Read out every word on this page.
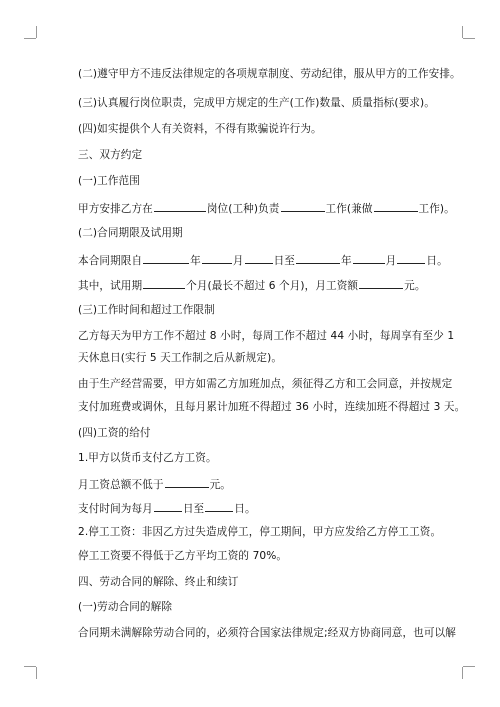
(二)遵守甲方不违反法律规定的各项规章制度、劳动纪律，服从甲方的工作安排。
(三)认真履行岗位职责，完成甲方规定的生产(工作)数量、质量指标(要求)。
(四)如实提供个人有关资料，不得有欺骗说许行为。
三、双方约定
(一)工作范围
甲方安排乙方在	岗位(工种)负责	工作(兼做	工作)。
(二)合同期限及试用期
本合同期限自	年	月	日至	年	月	日。
其中，试用期	个月(最长不超过 6 个月)，月工资额	元。
(三)工作时间和超过工作限制
乙方每天为甲方工作不超过 8 小时，每周工作不超过 44 小时，每周享有至少 1
天休息日(实行 5 天工作制之后从新规定)。
由于生产经营需要，甲方如需乙方加班加点，须征得乙方和工会同意，并按规定
支付加班费或调休，且每月累计加班不得超过 36 小时，连续加班不得超过 3 天。
(四)工资的给付
1.甲方以货币支付乙方工资。
月工资总额不低于	元。
支付时间为每月	日至	日。
2.停工工资：非因乙方过失造成停工，停工期间，甲方应发给乙方停工工资。
停工工资要不得低于乙方平均工资的 70%。
四、劳动合同的解除、终止和续订
(一)劳动合同的解除
合同期未满解除劳动合同的，必须符合国家法律规定;经双方协商同意，也可以解
